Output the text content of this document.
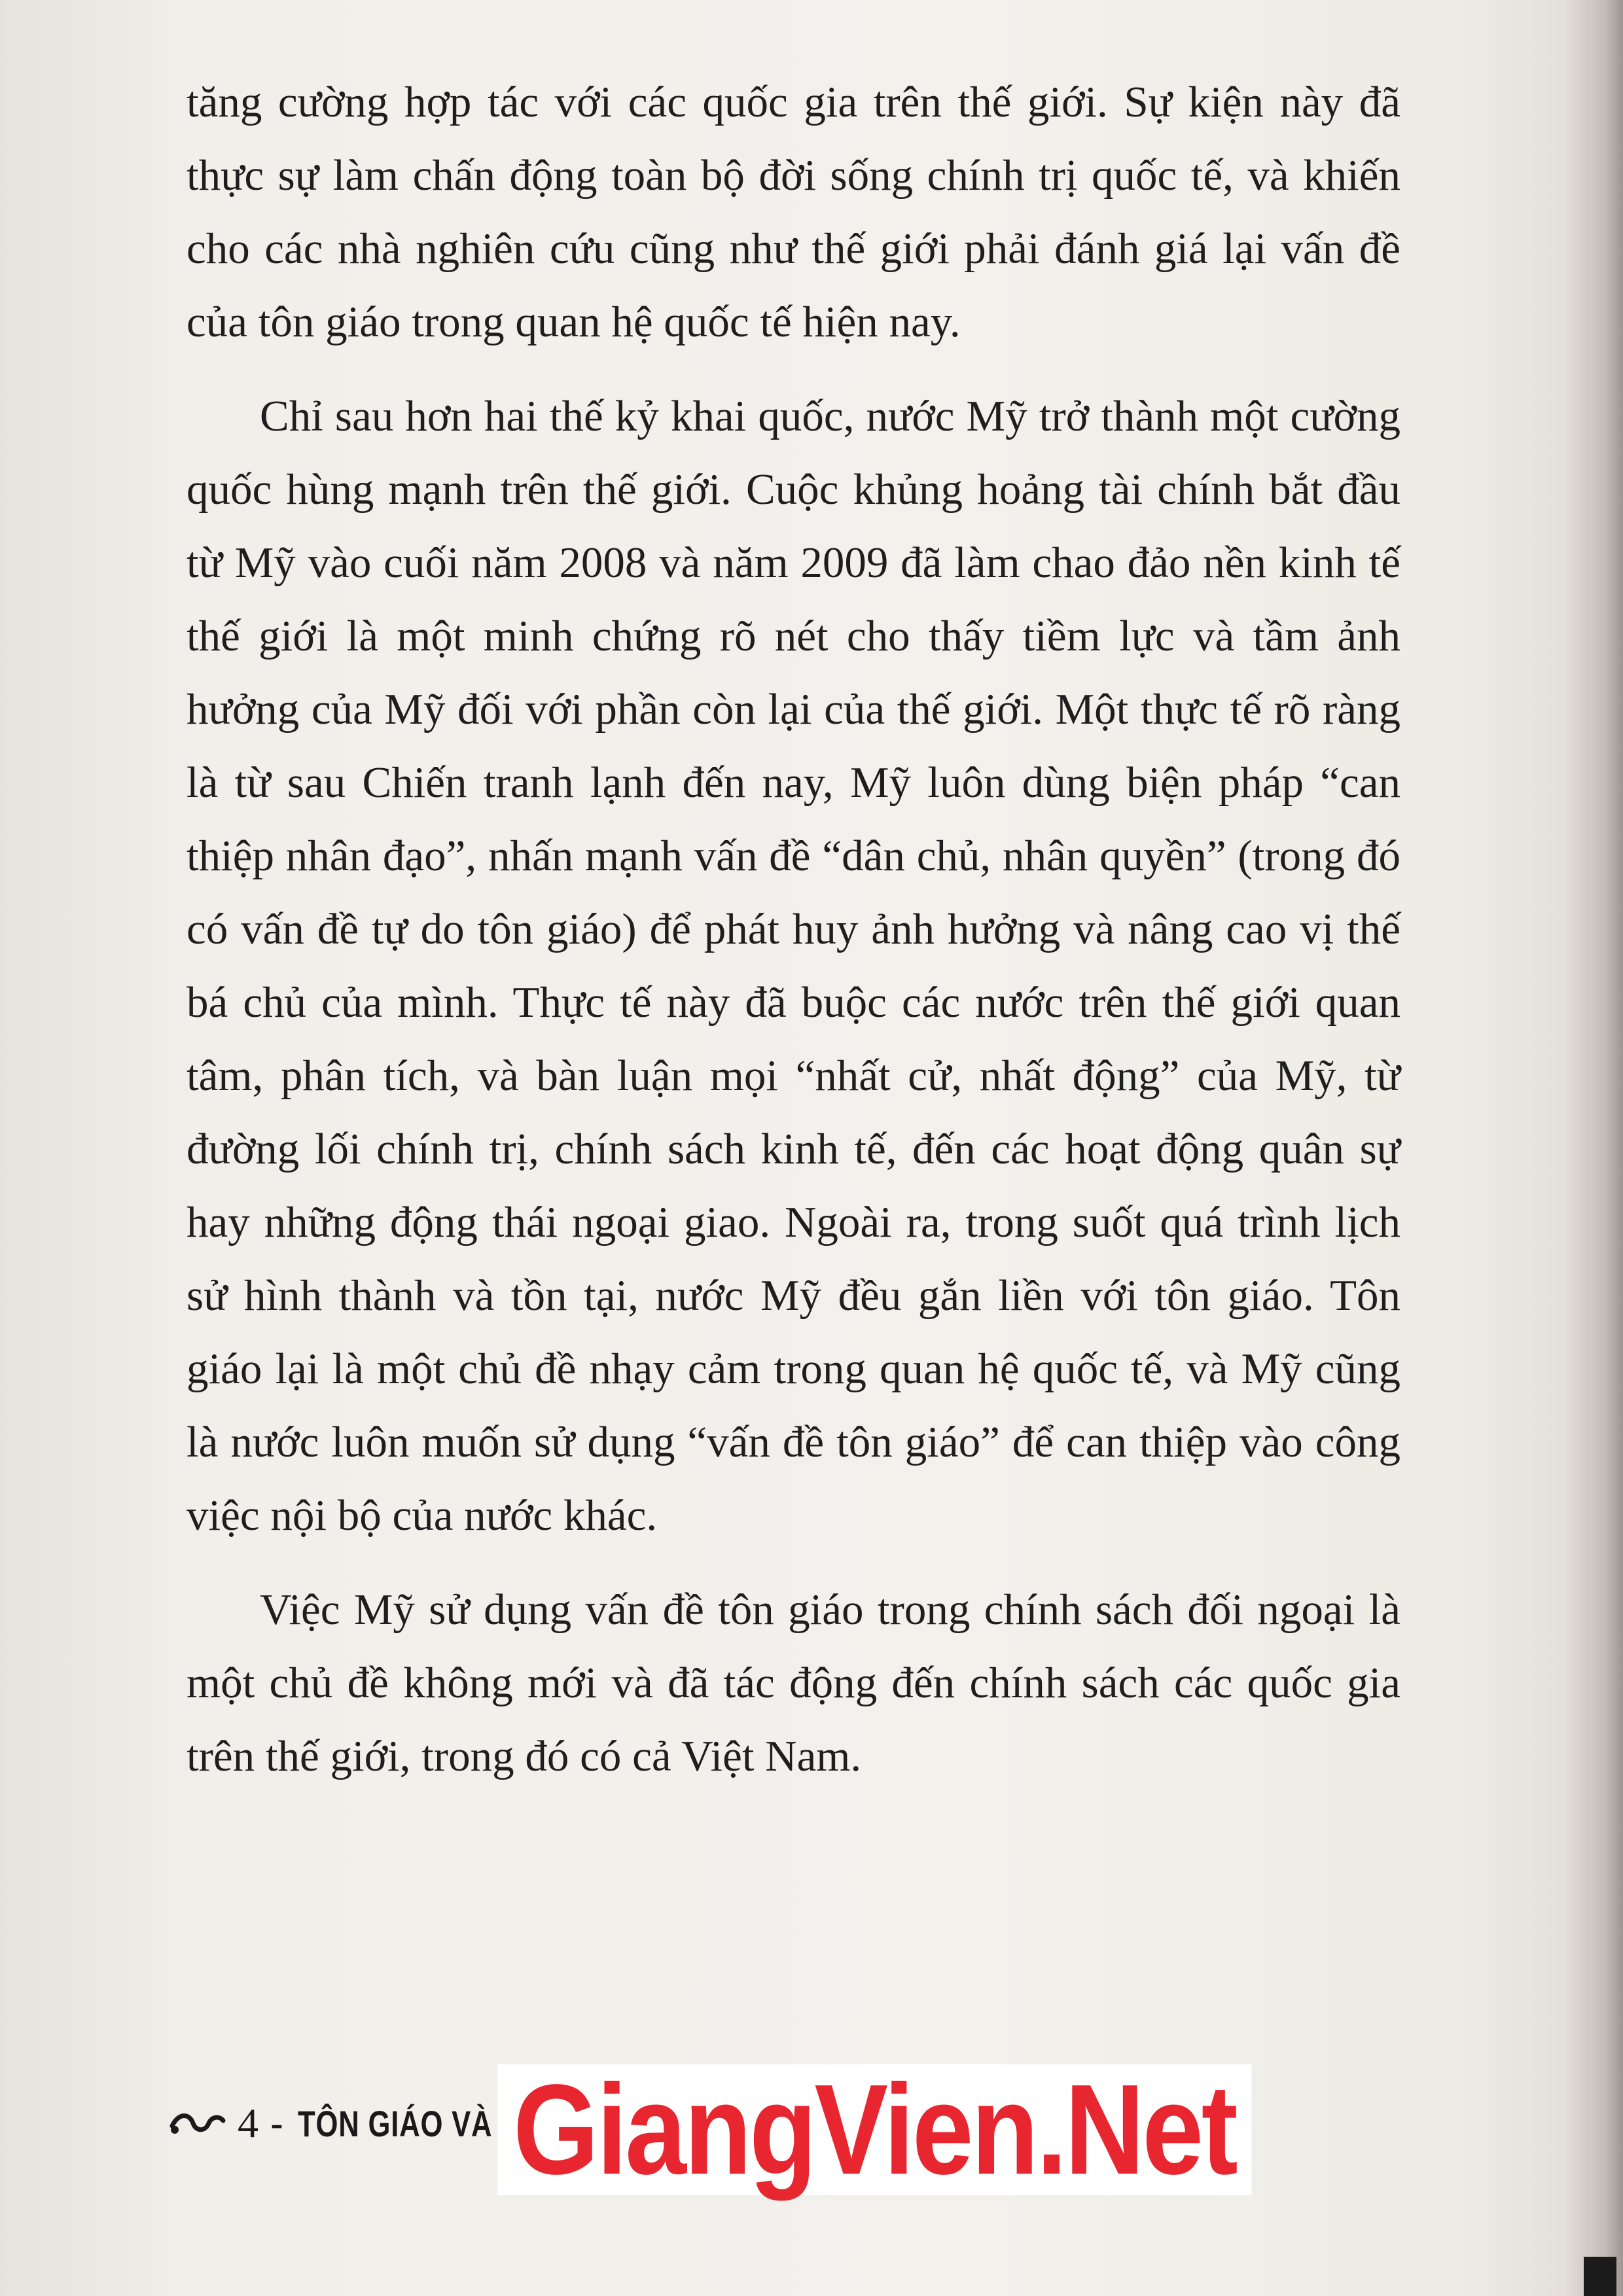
tăng cường hợp tác với các quốc gia trên thế giới. Sự kiện này đã thực sự làm chấn động toàn bộ đời sống chính trị quốc tế, và khiến cho các nhà nghiên cứu cũng như thế giới phải đánh giá lại vấn đề của tôn giáo trong quan hệ quốc tế hiện nay.

Chỉ sau hơn hai thế kỷ khai quốc, nước Mỹ trở thành một cường quốc hùng mạnh trên thế giới. Cuộc khủng hoảng tài chính bắt đầu từ Mỹ vào cuối năm 2008 và năm 2009 đã làm chao đảo nền kinh tế thế giới là một minh chứng rõ nét cho thấy tiềm lực và tầm ảnh hưởng của Mỹ đối với phần còn lại của thế giới. Một thực tế rõ ràng là từ sau Chiến tranh lạnh đến nay, Mỹ luôn dùng biện pháp “can thiệp nhân đạo”, nhấn mạnh vấn đề “dân chủ, nhân quyền” (trong đó có vấn đề tự do tôn giáo) để phát huy ảnh hưởng và nâng cao vị thế bá chủ của mình. Thực tế này đã buộc các nước trên thế giới quan tâm, phân tích, và bàn luận mọi “nhất cử, nhất động” của Mỹ, từ đường lối chính trị, chính sách kinh tế, đến các hoạt động quân sự hay những động thái ngoại giao. Ngoài ra, trong suốt quá trình lịch sử hình thành và tồn tại, nước Mỹ đều gắn liền với tôn giáo. Tôn giáo lại là một chủ đề nhạy cảm trong quan hệ quốc tế, và Mỹ cũng là nước luôn muốn sử dụng “vấn đề tôn giáo” để can thiệp vào công việc nội bộ của nước khác.

Việc Mỹ sử dụng vấn đề tôn giáo trong chính sách đối ngoại là một chủ đề không mới và đã tác động đến chính sách các quốc gia trên thế giới, trong đó có cả Việt Nam.

4 - TÔN GIÁO VÀ GiangVien.Net
